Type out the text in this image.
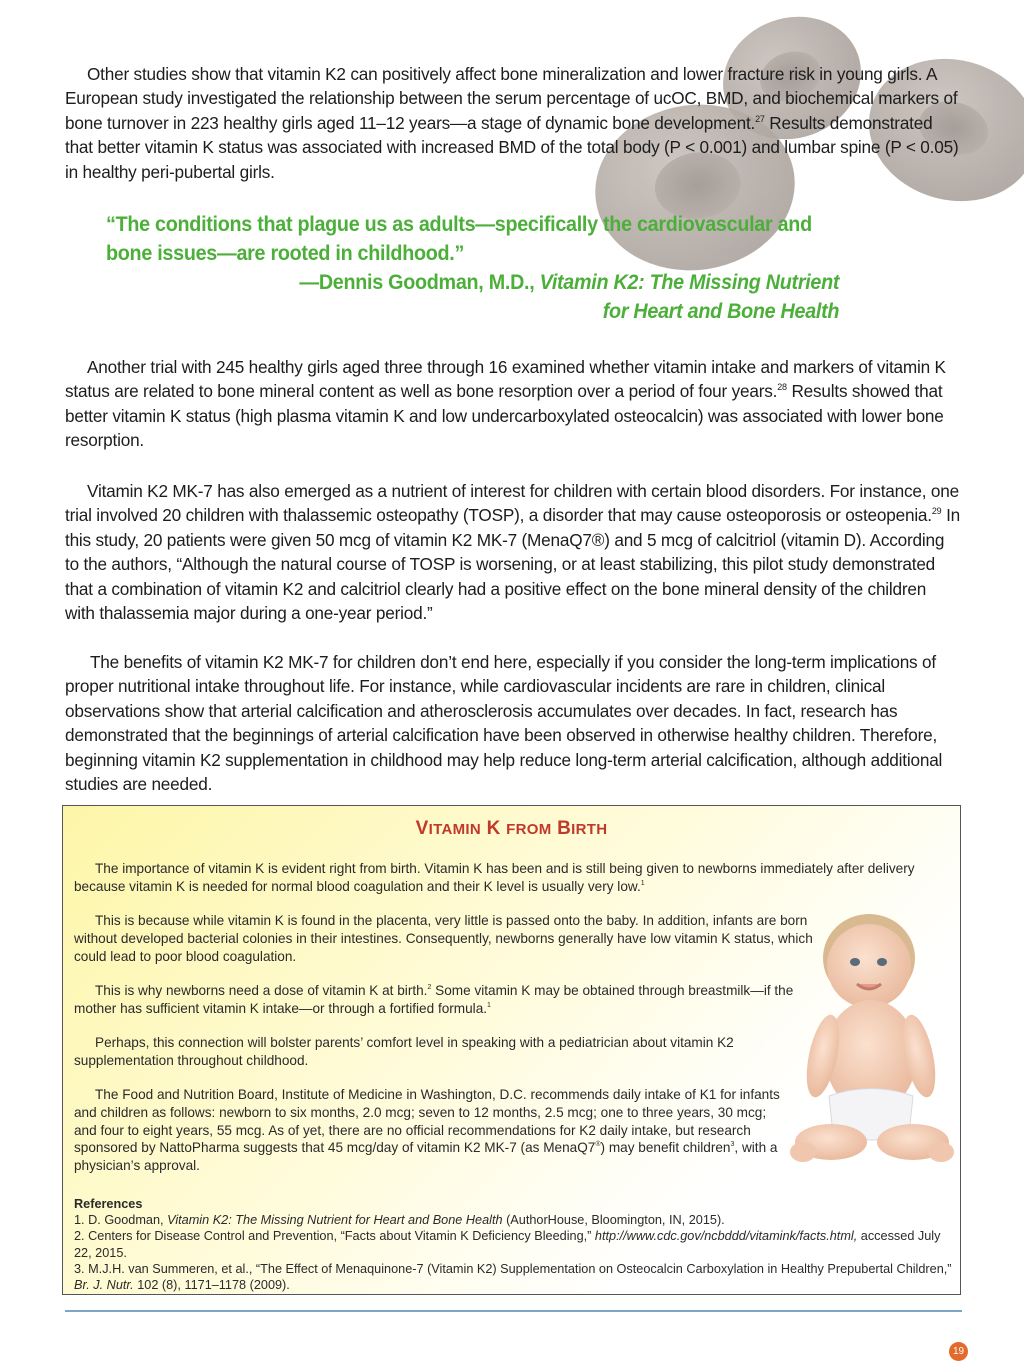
Other studies show that vitamin K2 can positively affect bone mineralization and lower fracture risk in young girls. A European study investigated the relationship between the serum percentage of ucOC, BMD, and biochemical markers of bone turnover in 223 healthy girls aged 11–12 years—a stage of dynamic bone development.$^{27}$ Results demonstrated that better vitamin K status was associated with increased BMD of the total body (P < 0.001) and lumbar spine (P < 0.05) in healthy peri-pubertal girls.
“The conditions that plague us as adults—specifically the cardiovascular and bone issues—are rooted in childhood.”
—Dennis Goodman, M.D., Vitamin K2: The Missing Nutrient
for Heart and Bone Health
Another trial with 245 healthy girls aged three through 16 examined whether vitamin intake and markers of vitamin K status are related to bone mineral content as well as bone resorption over a period of four years.$^{28}$ Results showed that better vitamin K status (high plasma vitamin K and low undercarboxylated osteocalcin) was associated with lower bone resorption.
Vitamin K2 MK-7 has also emerged as a nutrient of interest for children with certain blood disorders. For instance, one trial involved 20 children with thalassemic osteopathy (TOSP), a disorder that may cause osteoporosis or osteopenia.$^{29}$ In this study, 20 patients were given 50 mcg of vitamin K2 MK-7 (MenaQ7®) and 5 mcg of calcitriol (vitamin D). According to the authors, “Although the natural course of TOSP is worsening, or at least stabilizing, this pilot study demonstrated that a combination of vitamin K2 and calcitriol clearly had a positive effect on the bone mineral density of the children with thalassemia major during a one-year period.”
The benefits of vitamin K2 MK-7 for children don’t end here, especially if you consider the long-term implications of proper nutritional intake throughout life. For instance, while cardiovascular incidents are rare in children, clinical observations show that arterial calcification and atherosclerosis accumulates over decades. In fact, research has demonstrated that the beginnings of arterial calcification have been observed in otherwise healthy children. Therefore, beginning vitamin K2 supplementation in childhood may help reduce long-term arterial calcification, although additional studies are needed.
VITAMIN K FROM BIRTH
The importance of vitamin K is evident right from birth. Vitamin K has been and is still being given to newborns immediately after delivery because vitamin K is needed for normal blood coagulation and their K level is usually very low.$^1$
This is because while vitamin K is found in the placenta, very little is passed onto the baby. In addition, infants are born without developed bacterial colonies in their intestines. Consequently, newborns generally have low vitamin K status, which could lead to poor blood coagulation.
This is why newborns need a dose of vitamin K at birth.$^2$ Some vitamin K may be obtained through breastmilk—if the mother has sufficient vitamin K intake—or through a fortified formula.$^1$
Perhaps, this connection will bolster parents’ comfort level in speaking with a pediatrician about vitamin K2 supplementation throughout childhood.
The Food and Nutrition Board, Institute of Medicine in Washington, D.C. recommends daily intake of K1 for infants and children as follows: newborn to six months, 2.0 mcg; seven to 12 months, 2.5 mcg; one to three years, 30 mcg; and four to eight years, 55 mcg. As of yet, there are no official recommendations for K2 daily intake, but research sponsored by NattoPharma suggests that 45 mcg/day of vitamin K2 MK-7 (as MenaQ7®) may benefit children$^3$, with a physician’s approval.
References
1. D. Goodman, Vitamin K2: The Missing Nutrient for Heart and Bone Health (AuthorHouse, Bloomington, IN, 2015).
2. Centers for Disease Control and Prevention, “Facts about Vitamin K Deficiency Bleeding,” http://www.cdc.gov/ncbddd/vitamink/facts.html, accessed July 22, 2015.
3. M.J.H. van Summeren, et al., “The Effect of Menaquinone-7 (Vitamin K2) Supplementation on Osteocalcin Carboxylation in Healthy Prepubertal Children,” Br. J. Nutr. 102 (8), 1171–1178 (2009).
19
